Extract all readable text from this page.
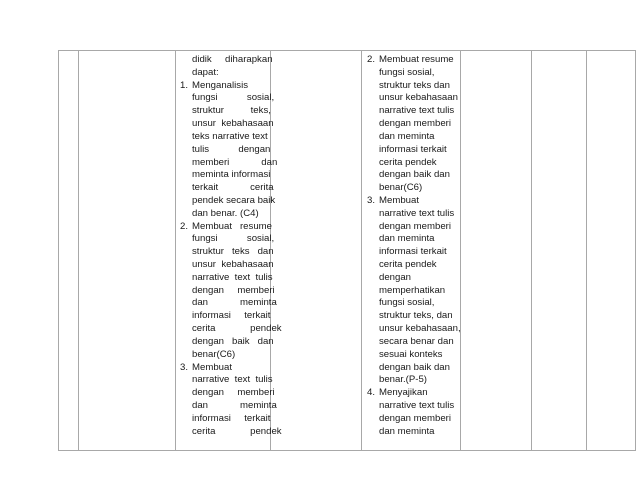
didik     diharapkan
dapat:
1. Menganalisis
fungsi           sosial,
struktur          teks,
unsur  kebahasaan
teks narrative text
tulis           dengan
memberi            dan
meminta informasi
terkait            cerita
pendek secara baik
dan benar. (C4)
2. Membuat   resume
fungsi           sosial,
struktur   teks   dan
unsur  kebahasaan
narrative  text  tulis
dengan     memberi
dan            meminta
informasi     terkait
cerita             pendek
dengan   baik   dan
benar(C6)
3. Membuat
narrative  text  tulis
dengan     memberi
dan            meminta
informasi     terkait
cerita             pendek
2. Membuat resume
fungsi sosial,
struktur teks dan
unsur kebahasaan
narrative text tulis
dengan memberi
dan meminta
informasi terkait
cerita pendek
dengan baik dan
benar(C6)
3. Membuat
narrative text tulis
dengan memberi
dan meminta
informasi terkait
cerita pendek
dengan
memperhatikan
fungsi sosial,
struktur teks, dan
unsur kebahasaan,
secara benar dan
sesuai konteks
dengan baik dan
benar.(P-5)
4. Menyajikan
narrative text tulis
dengan memberi
dan meminta
